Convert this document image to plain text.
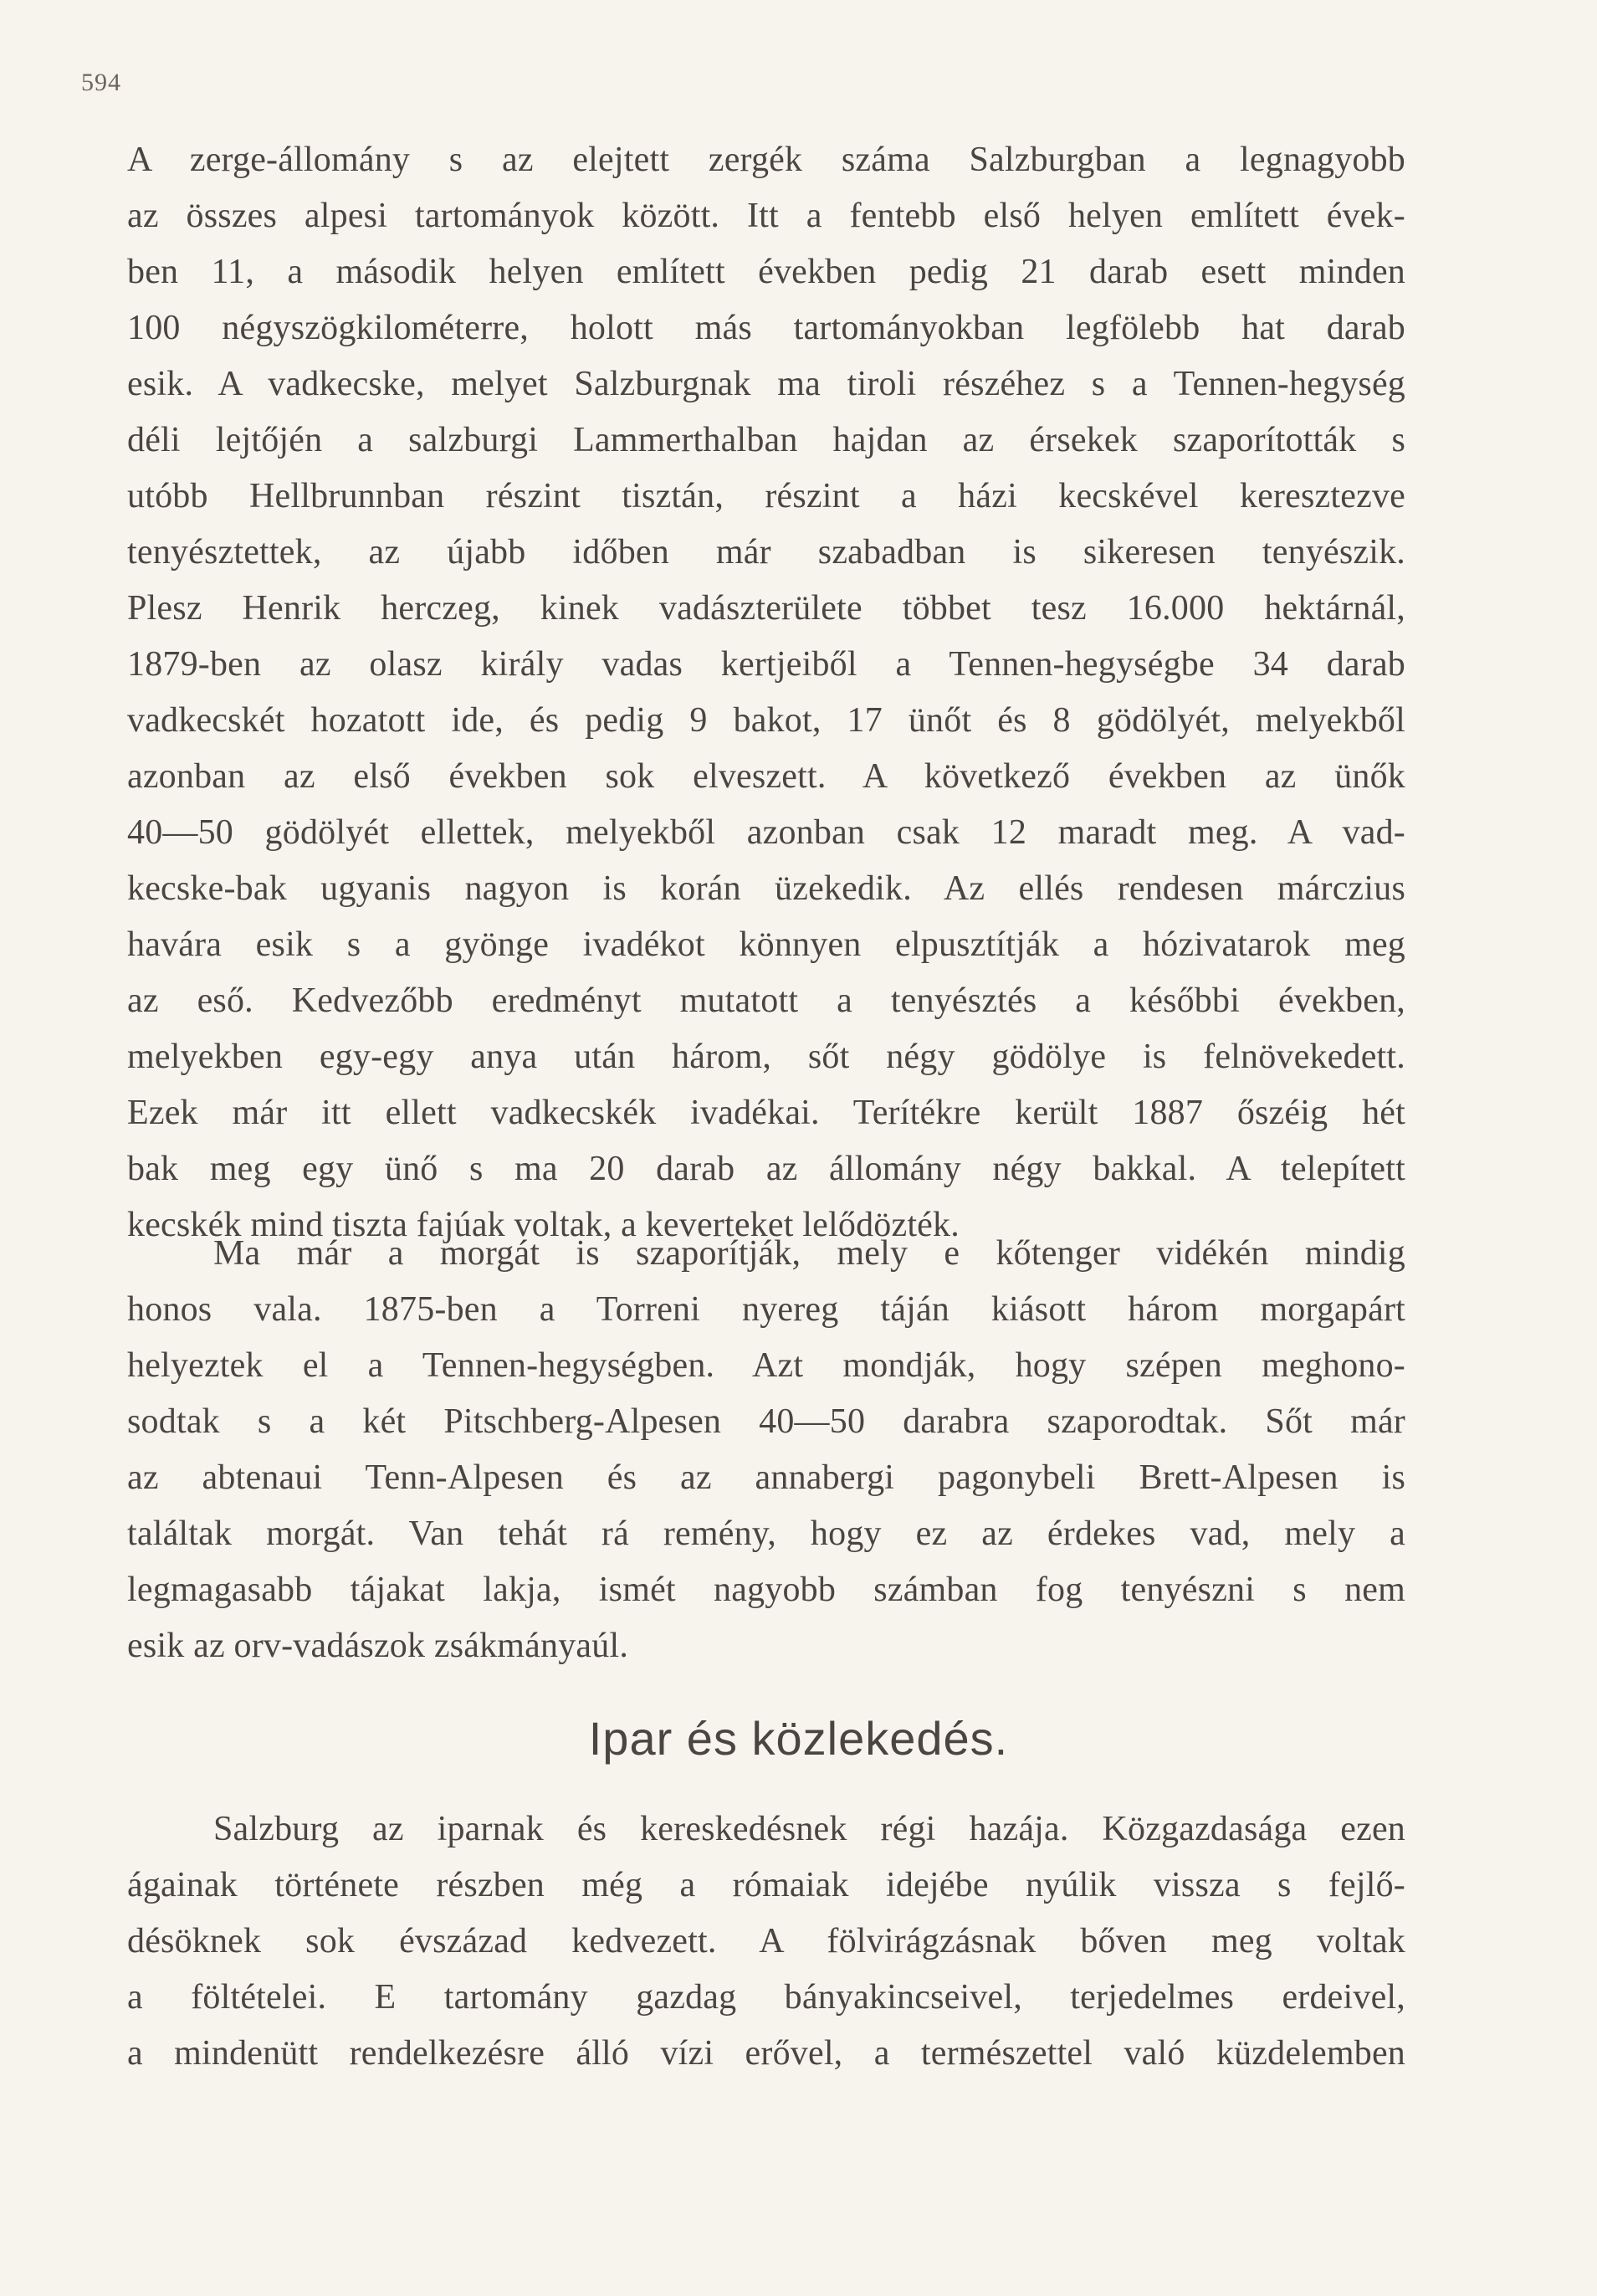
594
A zerge-állomány s az elejtett zergék száma Salzburgban a legnagyobb
az összes alpesi tartományok között. Itt a fentebb első helyen említett évek-
ben 11, a második helyen említett években pedig 21 darab esett minden
100 négyszögkilométerre, holott más tartományokban legfölebb hat darab
esik. A vadkecske, melyet Salzburgnak ma tiroli részéhez s a Tennen-hegység
déli lejtőjén a salzburgi Lammerthalban hajdan az érsekek szaporították s
utóbb Hellbrunnban részint tisztán, részint a házi kecskével keresztezve
tenyésztettek, az újabb időben már szabadban is sikeresen tenyészik.
Plesz Henrik herczeg, kinek vadászterülete többet tesz 16.000 hektárnál,
1879-ben az olasz király vadas kertjeiből a Tennen-hegységbe 34 darab
vadkecskét hozatott ide, és pedig 9 bakot, 17 ünőt és 8 gödölyét, melyekből
azonban az első években sok elveszett. A következő években az ünők
40—50 gödölyét ellettek, melyekből azonban csak 12 maradt meg. A vad-
kecske-bak ugyanis nagyon is korán üzekedik. Az ellés rendesen márczius
havára esik s a gyönge ivadékot könnyen elpusztítják a hózivatarok meg
az eső. Kedvezőbb eredményt mutatott a tenyésztés a későbbi években,
melyekben egy-egy anya után három, sőt négy gödölye is felnövekedett.
Ezek már itt ellett vadkecskék ivadékai. Terítékre került 1887 őszéig hét
bak meg egy ünő s ma 20 darab az állomány négy bakkal. A telepített
kecskék mind tiszta fajúak voltak, a kevertеket lelődözték.
Ma már a morgát is szaporítják, mely e kőtenger vidékén mindig
honos vala. 1875-ben a Torreni nyereg táján kiásott három morgapárt
helyeztek el a Tennen-hegységben. Azt mondják, hogy szépen meghono-
sodtak s a két Pitschberg-Alpesen 40—50 darabra szaporodtak. Sőt már
az abtenaui Tenn-Alpesen és az annabergi pagonybeli Brett-Alpesen is
találtak morgát. Van tehát rá remény, hogy ez az érdekes vad, mely a
legmagasabb tájakat lakja, ismét nagyobb számban fog tenyészni s nem
esik az orv-vadászok zsákmányaúl.
Ipar és közlekedés.
Salzburg az iparnak és kereskedésnek régi hazája. Közgazdasága ezen
ágainak története részben még a rómaiak idejébe nyúlik vissza s fejlő-
désöknek sok évszázad kedvezett. A fölvirágzásnak bőven meg voltak
a föltételei. E tartomány gazdag bányakincseivel, terjedelmes erdeivel,
a mindenütt rendelkezésre álló vízi erővel, a természettel való küzdelemben
